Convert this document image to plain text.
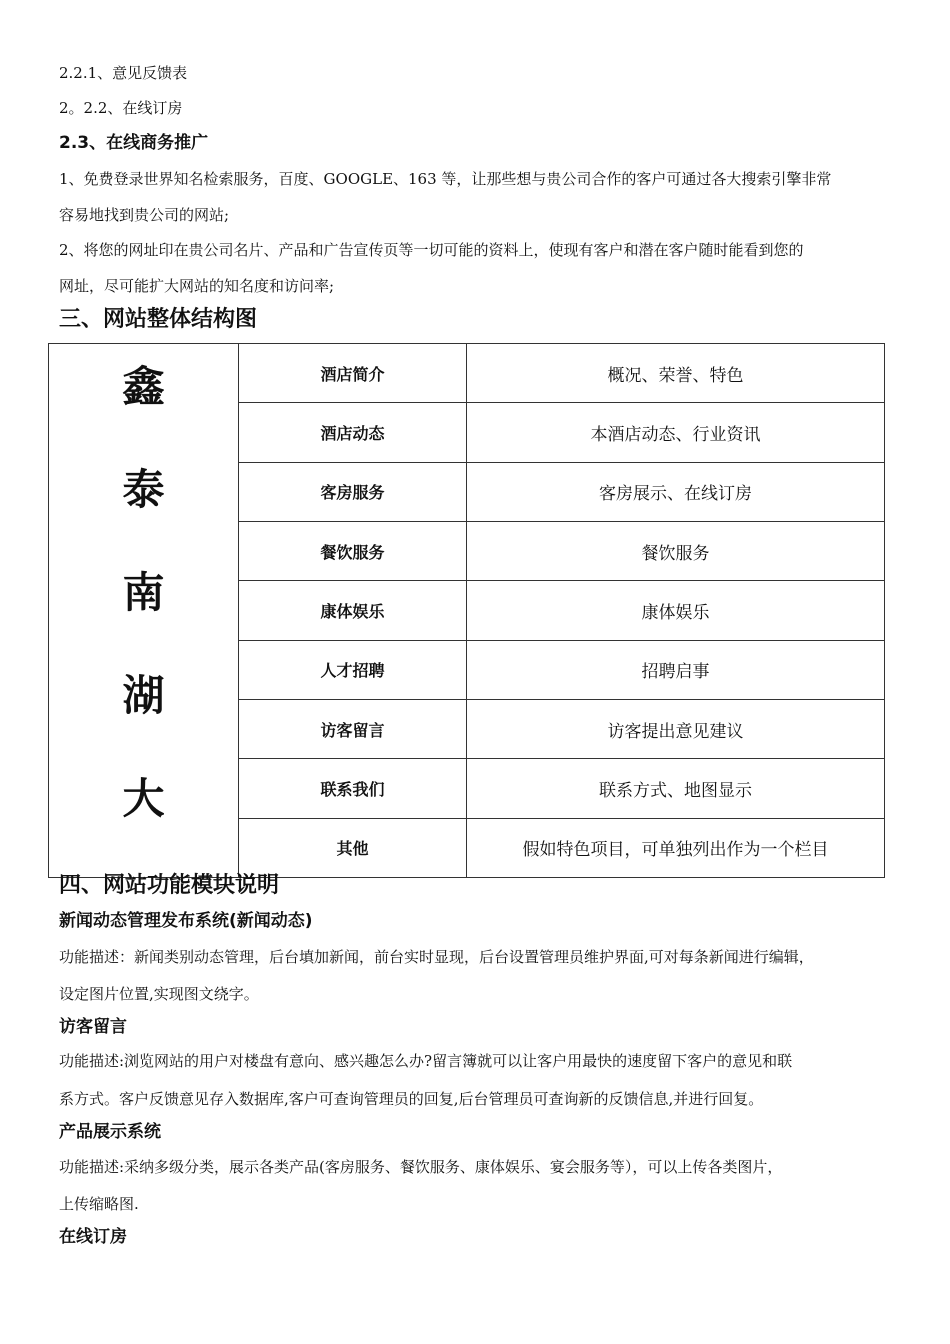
2.2.1、意见反馈表
2。2.2、在线订房
2.3、在线商务推广
1、免费登录世界知名检索服务，百度、GOOGLE、163 等，让那些想与贵公司合作的客户可通过各大搜索引擎非常
容易地找到贵公司的网站;
2、将您的网址印在贵公司名片、产品和广告宣传页等一切可能的资料上，使现有客户和潜在客户随时能看到您的
网址，尽可能扩大网站的知名度和访问率;
三、网站整体结构图
鑫
泰
南
湖
大	酒店简介	概况、荣誉、特色
	酒店动态	本酒店动态、行业资讯
	客房服务	客房展示、在线订房
	餐饮服务	餐饮服务
	康体娱乐	康体娱乐
	人才招聘	招聘启事
	访客留言	访客提出意见建议
	联系我们	联系方式、地图显示
	其他	假如特色项目，可单独列出作为一个栏目
四、网站功能模块说明
新闻动态管理发布系统(新闻动态)
功能描述：新闻类别动态管理，后台填加新闻，前台实时显现，后台设置管理员维护界面,可对每条新闻进行编辑，
设定图片位置,实现图文绕字。
访客留言
功能描述:浏览网站的用户对楼盘有意向、感兴趣怎么办?留言簿就可以让客户用最快的速度留下客户的意见和联
系方式。客户反馈意见存入数据库,客户可查询管理员的回复,后台管理员可查询新的反馈信息,并进行回复。
产品展示系统
功能描述:采纳多级分类，展示各类产品(客房服务、餐饮服务、康体娱乐、宴会服务等），可以上传各类图片，
上传缩略图.
在线订房
